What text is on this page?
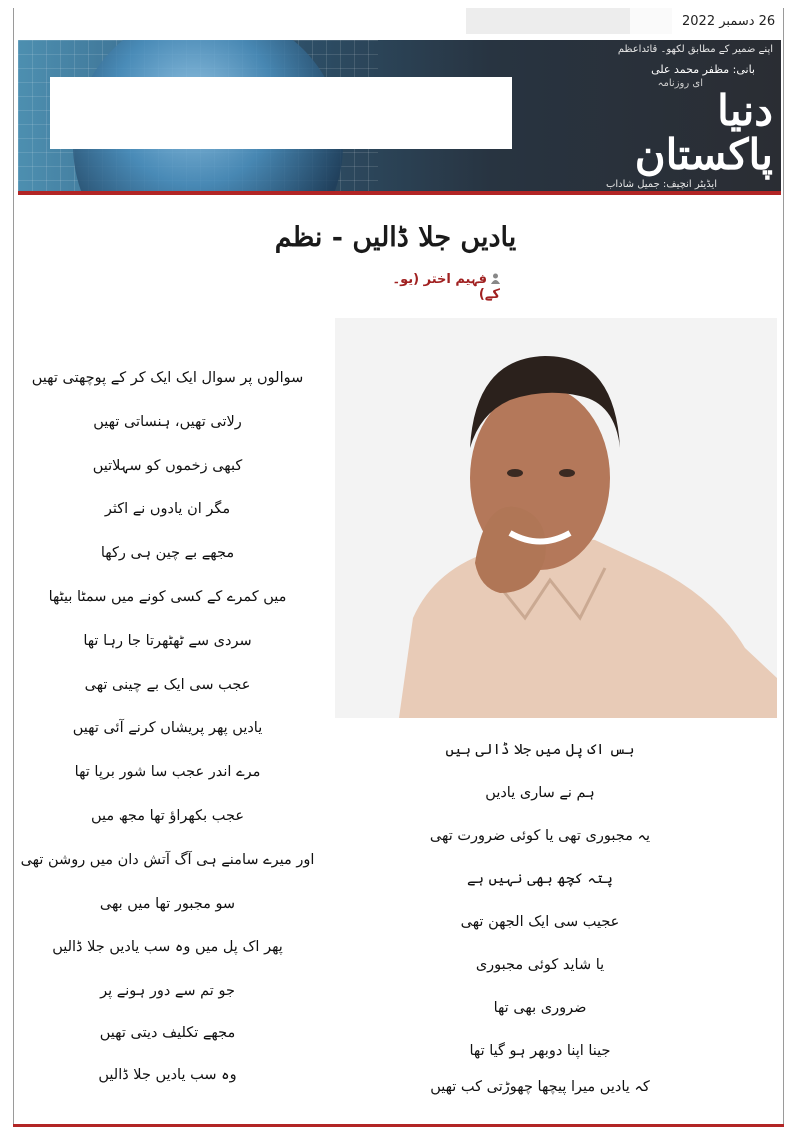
26 دسمبر 2022
اپنے ضمیر کے مطابق لکھو۔ قائداعظم
بانی: مظفر محمد علی
ای روزنامہ
دنیا پاکستان
ایڈیٹر انچیف: جمیل شاداب
یادیں جلا ڈالیں - نظم
فہیم اختر (یو۔کے)
سوالوں پر سوال ایک ایک کر کے پوچھتی تھیں
رلاتی تھیں، ہنساتی تھیں
کبھی زخموں کو سہلاتیں
مگر ان یادوں نے اکثر
مجھے بے چین ہی رکھا
میں کمرے کے کسی کونے میں سمٹا بیٹھا
سردی سے ٹھٹھرتا جا رہا تھا
عجب سی ایک بے چینی تھی
یادیں پھر پریشاں کرنے آئی تھیں
مرے اندر عجب سا شور برپا تھا
عجب بکھراؤ تھا مجھ میں
اور میرے سامنے ہی آگ آتش دان میں روشن تھی
سو مجبور تھا میں بھی
پھر اک پل میں وہ سب یادیں جلا ڈالیں
جو تم سے دور ہونے پر
مجھے تکلیف دیتی تھیں
وہ سب یادیں جلا ڈالیں
بس اک پل میں جلا ڈالی ہیں
ہم نے ساری یادیں
یہ مجبوری تھی یا کوئی ضرورت تھی
پتہ کچھ بھی نہیں ہے
عجیب سی ایک الجھن تھی
یا شاید کوئی مجبوری
ضروری بھی تھا
جینا اپنا دوبھر ہو گیا تھا
کہ یادیں میرا پیچھا چھوڑتی کب تھیں
